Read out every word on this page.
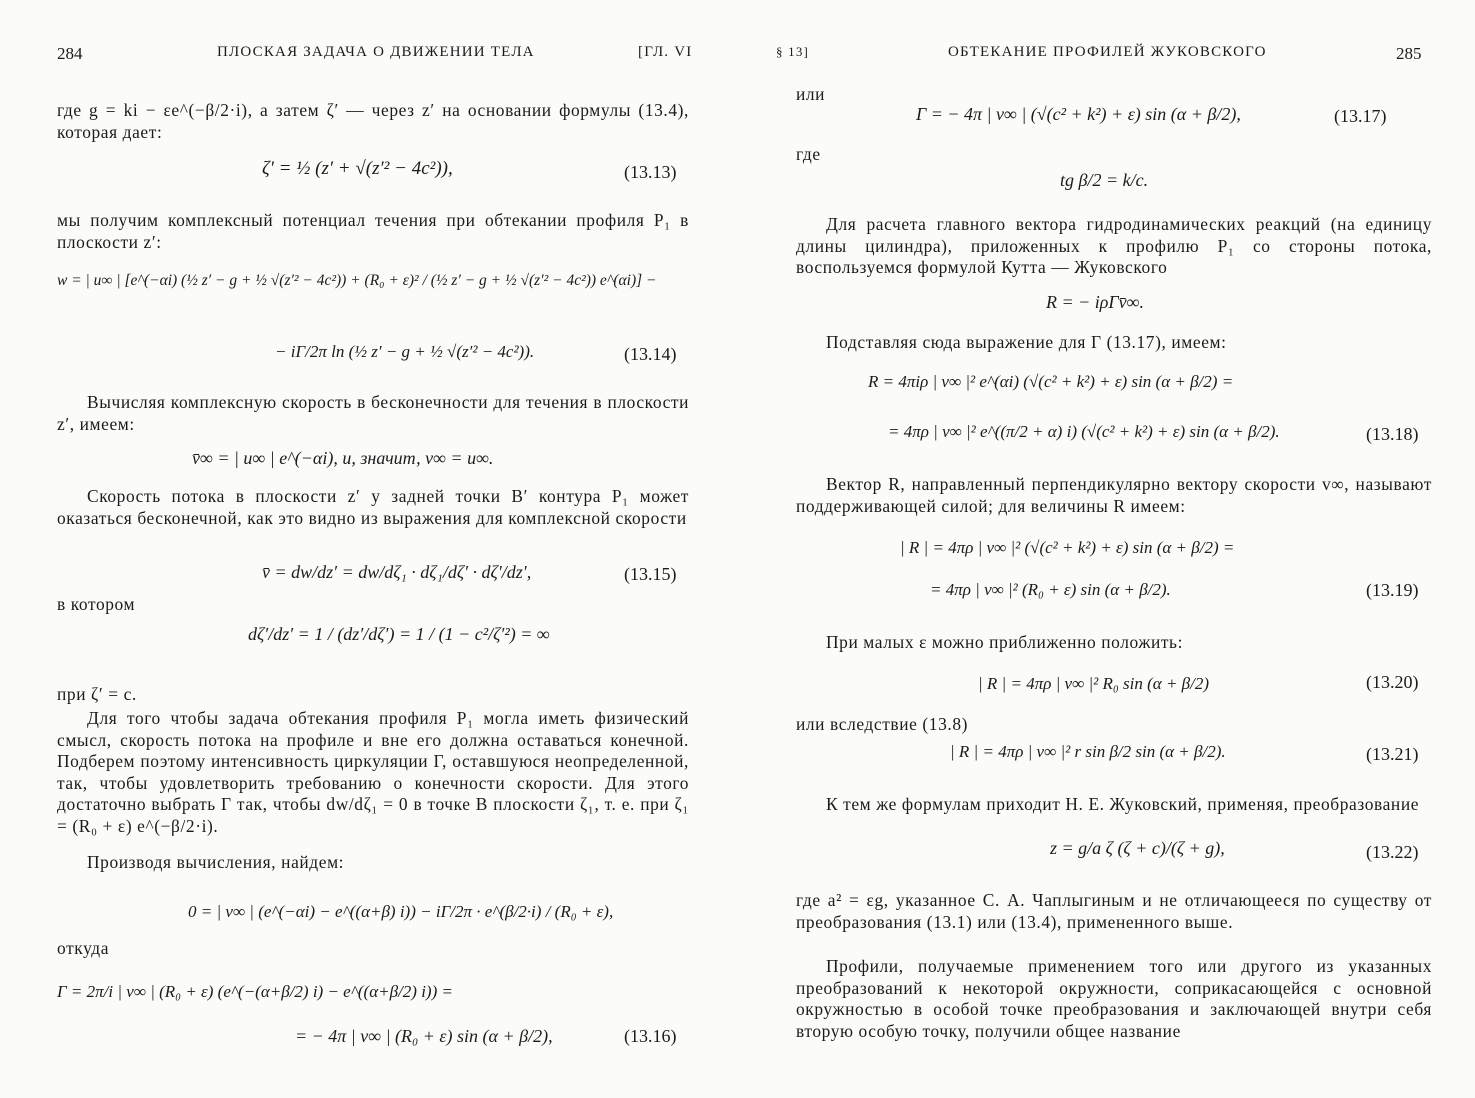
284	ПЛОСКАЯ ЗАДАЧА О ДВИЖЕНИИ ТЕЛА	[ГЛ. VI
где g = ki − εe^(−β/2·i), а затем ζ′ — через z′ на основании формулы (13.4), которая дает:
ζ′ = ½ (z′ + √(z′² − 4c²)),	(13.13)
мы получим комплексный потенциал течения при обтекании профиля P₁ в плоскости z′:
w = | u∞ | [e^(−αi) (½ z′ − g + ½ √(z′² − 4c²)) + (R₀ + ε)² / (½ z′ − g + ½ √(z′² − 4c²)) e^(αi)] −
− iΓ/2π ln (½ z′ − g + ½ √(z′² − 4c²)).	(13.14)
Вычисляя комплексную скорость в бесконечности для течения в плоскости z′, имеем:
v̄∞ = | u∞ | e^(−αi), и, значит, v∞ = u∞.
Скорость потока в плоскости z′ у задней точки B′ контура P₁ может оказаться бесконечной, как это видно из выражения для комплексной скорости
v̄ = dw/dz′ = dw/dζ₁ · dζ₁/dζ′ · dζ′/dz′,	(13.15)
в котором
dζ′/dz′ = 1 / (dz′/dζ′) = 1 / (1 − c²/ζ′²) = ∞
при ζ′ = c.
Для того чтобы задача обтекания профиля P₁ могла иметь физический смысл, скорость потока на профиле и вне его должна оставаться конечной. Подберем поэтому интенсивность циркуляции Γ, оставшуюся неопределенной, так, чтобы удовлетворить требованию о конечности скорости. Для этого достаточно выбрать Γ так, чтобы dw/dζ₁ = 0 в точке B плоскости ζ₁, т. е. при ζ₁ = (R₀ + ε) e^(−β/2·i).
Производя вычисления, найдем:
0 = | v∞ | (e^(−αi) − e^((α+β) i)) − iΓ/2π · e^(β/2·i) / (R₀ + ε),
откуда
Γ = 2π/i | v∞ | (R₀ + ε) (e^(−(α+β/2) i) − e^((α+β/2) i)) =
= − 4π | v∞ | (R₀ + ε) sin (α + β/2),	(13.16)
§ 13]	ОБТЕКАНИЕ ПРОФИЛЕЙ ЖУКОВСКОГО	285
или
Γ = − 4π | v∞ | (√(c² + k²) + ε) sin (α + β/2),	(13.17)
где
tg β/2 = k/c.
Для расчета главного вектора гидродинамических реакций (на единицу длины цилиндра), приложенных к профилю P₁ со стороны потока, воспользуемся формулой Кутта — Жуковского
R = − iρΓv̄∞.
Подставляя сюда выражение для Γ (13.17), имеем:
R = 4πiρ | v∞ |² e^(αi) (√(c² + k²) + ε) sin (α + β/2) =
= 4πρ | v∞ |² e^((π/2 + α) i) (√(c² + k²) + ε) sin (α + β/2).	(13.18)
Вектор R, направленный перпендикулярно вектору скорости v∞, называют поддерживающей силой; для величины R имеем:
| R | = 4πρ | v∞ |² (√(c² + k²) + ε) sin (α + β/2) =
= 4πρ | v∞ |² (R₀ + ε) sin (α + β/2).	(13.19)
При малых ε можно приближенно положить:
| R | = 4πρ | v∞ |² R₀ sin (α + β/2)	(13.20)
или вследствие (13.8)
| R | = 4πρ | v∞ |² r sin β/2 sin (α + β/2).	(13.21)
К тем же формулам приходит Н. Е. Жуковский, применяя, преобразование
z = g/a ζ (ζ + c)/(ζ + g),	(13.22)
где a² = εg, указанное С. А. Чаплыгиным и не отличающееся по существу от преобразования (13.1) или (13.4), примененного выше.
Профили, получаемые применением того или другого из указанных преобразований к некоторой окружности, соприкасающейся с основной окружностью в особой точке преобразования и заключающей внутри себя вторую особую точку, получили общее название
